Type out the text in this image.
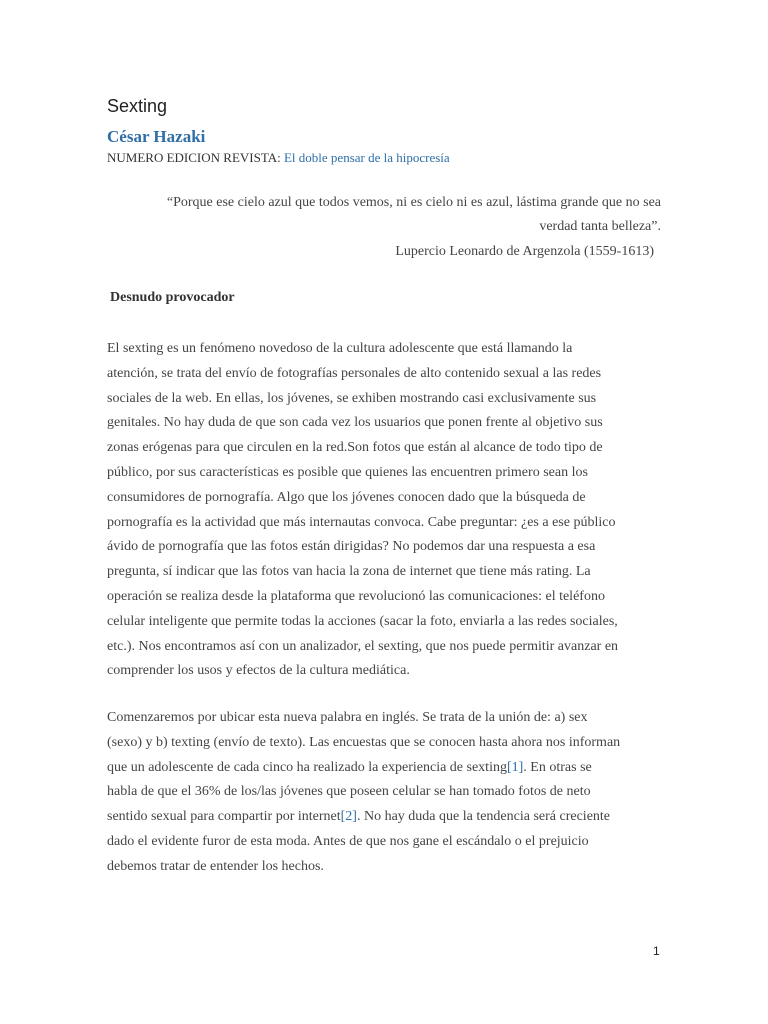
Sexting
César Hazaki
NUMERO EDICION REVISTA: El doble pensar de la hipocresía
“Porque ese cielo azul que todos vemos, ni es cielo ni es azul, lástima grande que no sea
verdad tanta belleza”.
Lupercio Leonardo de Argenzola (1559-1613)
Desnudo provocador

El sexting es un fenómeno novedoso de la cultura adolescente que está llamando la
atención, se trata del envío de fotografías personales de alto contenido sexual a las redes
sociales de la web. En ellas, los jóvenes, se exhiben mostrando casi exclusivamente sus
genitales. No hay duda de que son cada vez los usuarios que ponen frente al objetivo sus
zonas erógenas para que circulen en la red.Son fotos que están al alcance de todo tipo de
público, por sus características es posible que quienes las encuentren primero sean los
consumidores de pornografía. Algo que los jóvenes conocen dado que la búsqueda de
pornografía es la actividad que más internautas convoca. Cabe preguntar: ¿es a ese público
ávido de pornografía que las fotos están dirigidas? No podemos dar una respuesta a esa
pregunta, sí indicar que las fotos van hacia la zona de internet que tiene más rating. La
operación se realiza desde la plataforma que revolucionó las comunicaciones: el teléfono
celular inteligente que permite todas la acciones (sacar la foto, enviarla a las redes sociales,
etc.). Nos encontramos así con un analizador, el sexting, que nos puede permitir avanzar en
comprender los usos y efectos de la cultura mediática.

Comenzaremos por ubicar esta nueva palabra en inglés. Se trata de la unión de: a) sex
(sexo) y b) texting (envío de texto). Las encuestas que se conocen hasta ahora nos informan
que un adolescente de cada cinco ha realizado la experiencia de sexting[1]. En otras se
habla de que el 36% de los/las jóvenes que poseen celular se han tomado fotos de neto
sentido sexual para compartir por internet[2]. No hay duda que la tendencia será creciente
dado el evidente furor de esta moda. Antes de que nos gane el escándalo o el prejuicio
debemos tratar de entender los hechos.

1
